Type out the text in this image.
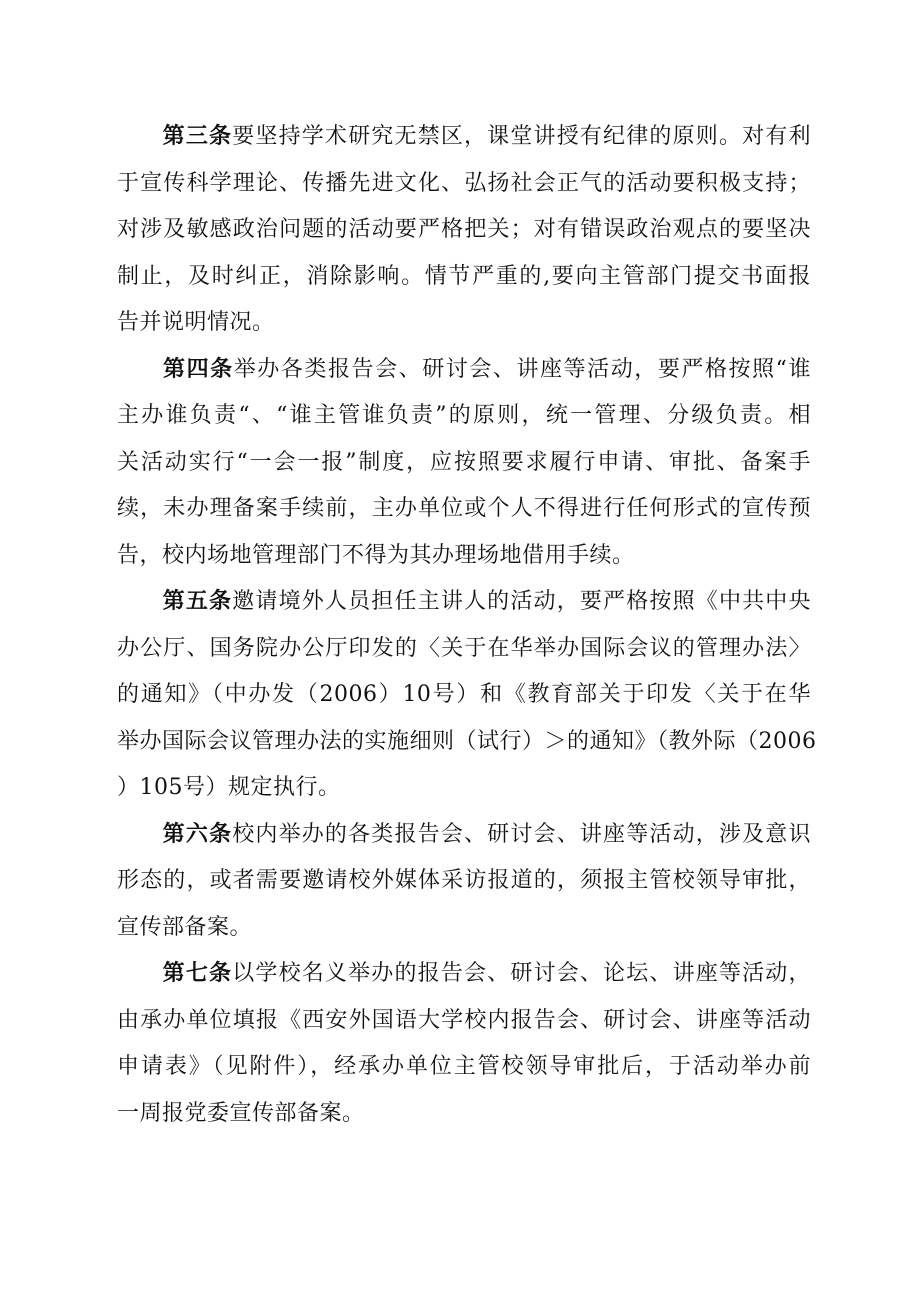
第三条要坚持学术研究无禁区，课堂讲授有纪律的原则。对有利
于宣传科学理论、传播先进文化、弘扬社会正气的活动要积极支持；
对涉及敏感政治问题的活动要严格把关；对有错误政治观点的要坚决
制止，及时纠正，消除影响。情节严重的,要向主管部门提交书面报
告并说明情况。
第四条举办各类报告会、研讨会、讲座等活动，要严格按照“谁
主办谁负责“、“谁主管谁负责”的原则，统一管理、分级负责。相
关活动实行“一会一报”制度，应按照要求履行申请、审批、备案手
续，未办理备案手续前，主办单位或个人不得进行任何形式的宣传预
告，校内场地管理部门不得为其办理场地借用手续。
第五条邀请境外人员担任主讲人的活动，要严格按照《中共中央
办公厅、国务院办公厅印发的〈关于在华举办国际会议的管理办法〉
的通知》（中办发（2006）10号）和《教育部关于印发〈关于在华
举办国际会议管理办法的实施细则（试行）＞的通知》（教外际（2006
）105号）规定执行。
第六条校内举办的各类报告会、研讨会、讲座等活动，涉及意识
形态的，或者需要邀请校外媒体采访报道的，须报主管校领导审批，
宣传部备案。
第七条以学校名义举办的报告会、研讨会、论坛、讲座等活动，
由承办单位填报《西安外国语大学校内报告会、研讨会、讲座等活动
申请表》（见附件），经承办单位主管校领导审批后，于活动举办前
一周报党委宣传部备案。
